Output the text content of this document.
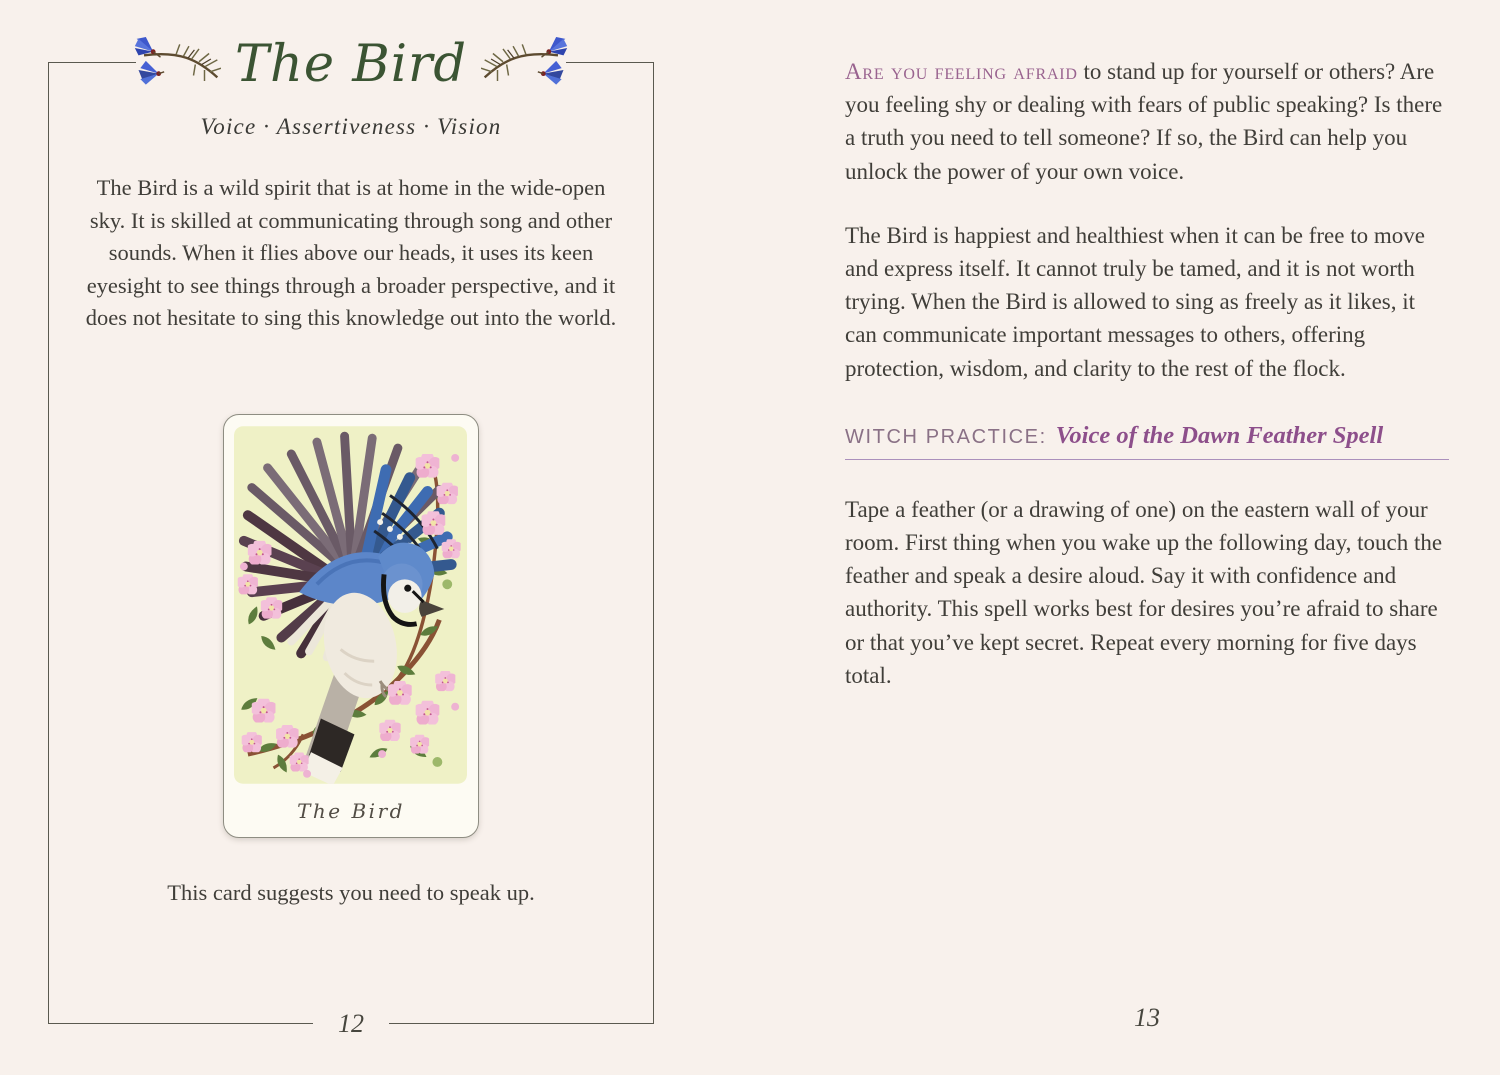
The Bird
Voice · Assertiveness · Vision

The Bird is a wild spirit that is at home in the wide-open sky. It is skilled at communicating through song and other sounds. When it flies above our heads, it uses its keen eyesight to see things through a broader perspective, and it does not hesitate to sing this knowledge out into the world.

The Bird

This card suggests you need to speak up.

12

Are you feeling afraid to stand up for yourself or others? Are you feeling shy or dealing with fears of public speaking? Is there a truth you need to tell someone? If so, the Bird can help you unlock the power of your own voice.

The Bird is happiest and healthiest when it can be free to move and express itself. It cannot truly be tamed, and it is not worth trying. When the Bird is allowed to sing as freely as it likes, it can communicate important messages to others, offering protection, wisdom, and clarity to the rest of the flock.

WITCH PRACTICE: Voice of the Dawn Feather Spell

Tape a feather (or a drawing of one) on the eastern wall of your room. First thing when you wake up the following day, touch the feather and speak a desire aloud. Say it with confidence and authority. This spell works best for desires you’re afraid to share or that you’ve kept secret. Repeat every morning for five days total.

13
